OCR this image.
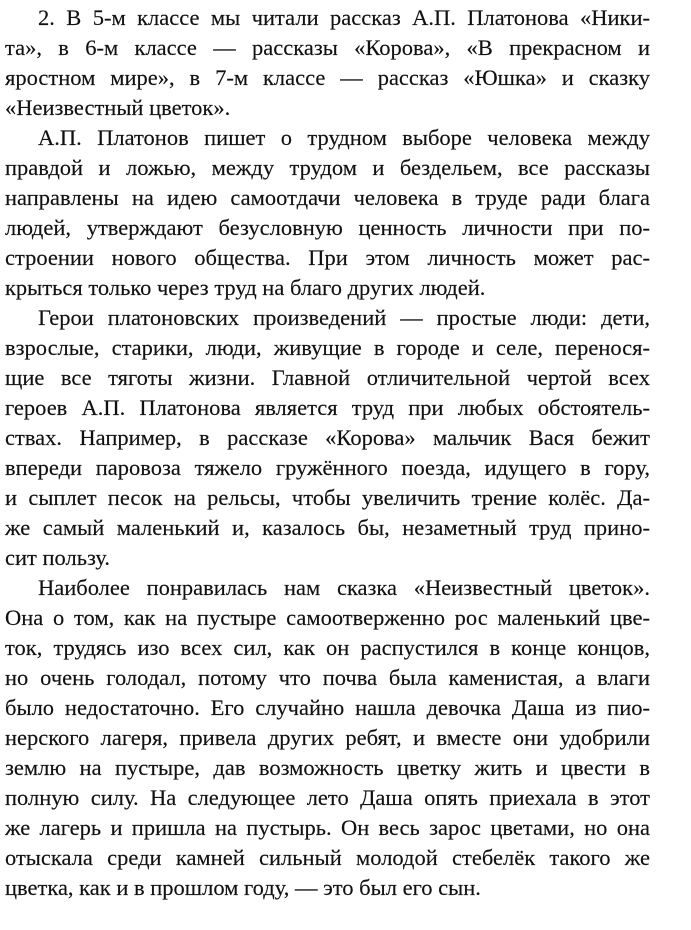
2. В 5-м классе мы читали рассказ А.П. Платонова «Ники-
та», в 6-м классе — рассказы «Корова», «В прекрасном и
яростном мире», в 7-м классе — рассказ «Юшка» и сказку
«Неизвестный цветок».
А.П. Платонов пишет о трудном выборе человека между
правдой и ложью, между трудом и бездельем, все рассказы
направлены на идею самоотдачи человека в труде ради блага
людей, утверждают безусловную ценность личности при по-
строении нового общества. При этом личность может рас-
крыться только через труд на благо других людей.
Герои платоновских произведений — простые люди: дети,
взрослые, старики, люди, живущие в городе и селе, перенося-
щие все тяготы жизни. Главной отличительной чертой всех
героев А.П. Платонова является труд при любых обстоятель-
ствах. Например, в рассказе «Корова» мальчик Вася бежит
впереди паровоза тяжело гружённого поезда, идущего в гору,
и сыплет песок на рельсы, чтобы увеличить трение колёс. Да-
же самый маленький и, казалось бы, незаметный труд прино-
сит пользу.
Наиболее понравилась нам сказка «Неизвестный цветок».
Она о том, как на пустыре самоотверженно рос маленький цве-
ток, трудясь изо всех сил, как он распустился в конце концов,
но очень голодал, потому что почва была каменистая, а влаги
было недостаточно. Его случайно нашла девочка Даша из пио-
нерского лагеря, привела других ребят, и вместе они удобрили
землю на пустыре, дав возможность цветку жить и цвести в
полную силу. На следующее лето Даша опять приехала в этот
же лагерь и пришла на пустырь. Он весь зарос цветами, но она
отыскала среди камней сильный молодой стебелёк такого же
цветка, как и в прошлом году, — это был его сын.
